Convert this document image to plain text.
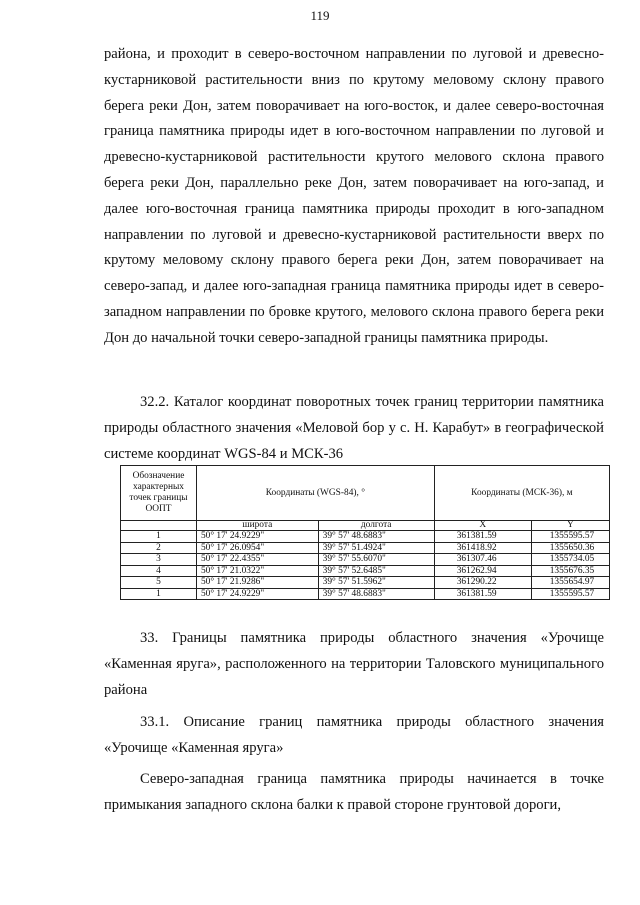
119

района, и проходит в северо-восточном направлении по луговой и древесно-кустарниковой растительности вниз по крутому меловому склону правого берега реки Дон, затем поворачивает на юго-восток, и далее северо-восточная граница памятника природы идет в юго-восточном направлении по луговой и древесно-кустарниковой растительности крутого мелового склона правого берега реки Дон, параллельно реке Дон, затем поворачивает на юго-запад, и далее юго-восточная граница памятника природы проходит в юго-западном направлении по луговой и древесно-кустарниковой растительности вверх по крутому меловому склону правого берега реки Дон, затем поворачивает на северо-запад, и далее юго-западная граница памятника природы идет в северо-западном направлении по бровке крутого, мелового склона правого берега реки Дон до начальной точки северо-западной границы памятника природы.

32.2. Каталог координат поворотных точек границ территории памятника природы областного значения «Меловой бор у с. Н. Карабут» в географической системе координат WGS-84 и МСК-36

Обозначение характерных точек границы ООПТ	Координаты (WGS-84), °		Координаты (МСК-36), м	
	широта	долгота	X	Y
1	50° 17' 24.9229"	39° 57' 48.6883"	361381.59	1355595.57
2	50° 17' 26.0954"	39° 57' 51.4924"	361418.92	1355650.36
3	50° 17' 22.4355"	39° 57' 55.6070"	361307.46	1355734.05
4	50° 17' 21.0322"	39° 57' 52.6485"	361262.94	1355676.35
5	50° 17' 21.9286"	39° 57' 51.5962"	361290.22	1355654.97
1	50° 17' 24.9229"	39° 57' 48.6883"	361381.59	1355595.57

33. Границы памятника природы областного значения «Урочище «Каменная яруга», расположенного на территории Таловского муниципального района

33.1. Описание границ памятника природы областного значения «Урочище «Каменная яруга»

Северо-западная граница памятника природы начинается в точке примыкания западного склона балки к правой стороне грунтовой дороги,
